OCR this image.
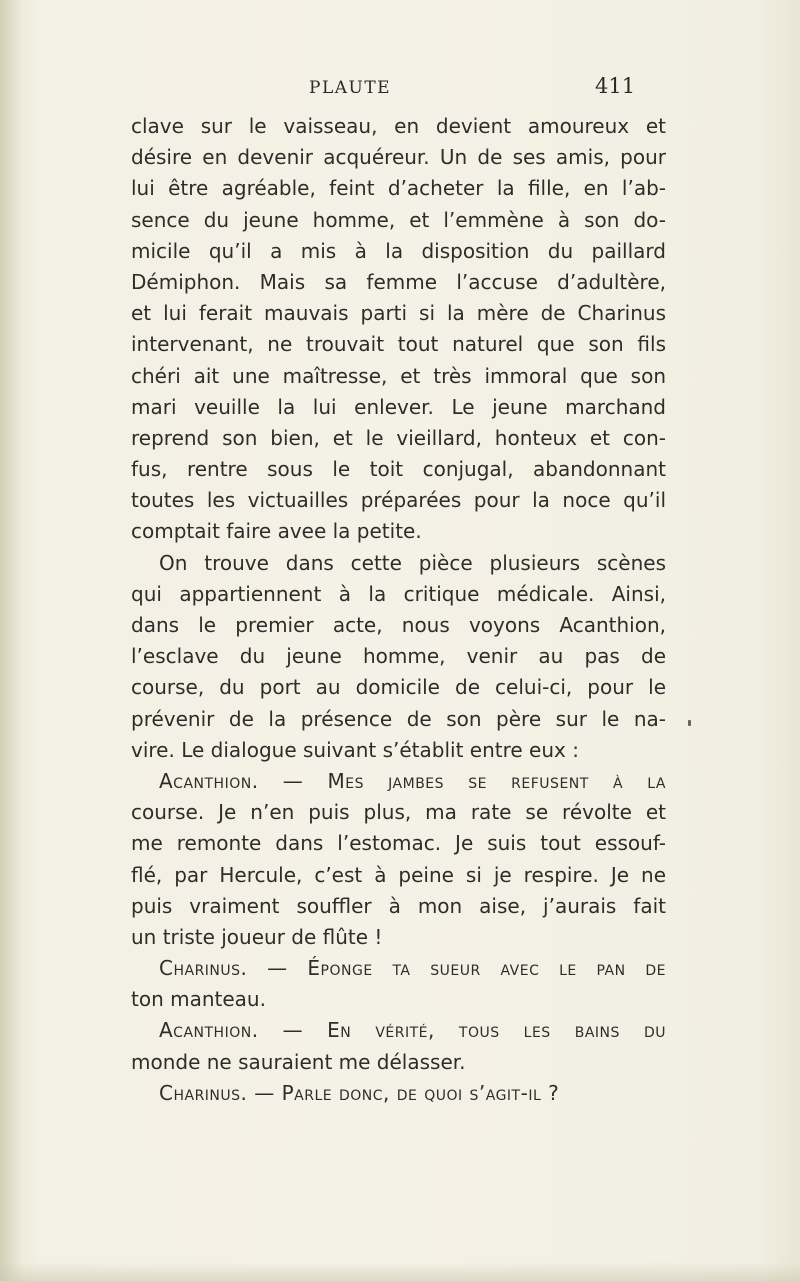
PLAUTE	411
clave sur le vaisseau, en devient amoureux et
désire en devenir acquéreur. Un de ses amis, pour
lui être agréable, feint d’acheter la fille, en l’ab-
sence du jeune homme, et l’emmène à son do-
micile qu’il a mis à la disposition du paillard
Démiphon. Mais sa femme l’accuse d’adultère,
et lui ferait mauvais parti si la mère de Charinus
intervenant, ne trouvait tout naturel que son fils
chéri ait une maîtresse, et très immoral que son
mari veuille la lui enlever. Le jeune marchand
reprend son bien, et le vieillard, honteux et con-
fus, rentre sous le toit conjugal, abandonnant
toutes les victuailles préparées pour la noce qu’il
comptait faire avee la petite.
On trouve dans cette pièce plusieurs scènes
qui appartiennent à la critique médicale. Ainsi,
dans le premier acte, nous voyons Acanthion,
l’esclave du jeune homme, venir au pas de
course, du port au domicile de celui-ci, pour le
prévenir de la présence de son père sur le na-
vire. Le dialogue suivant s’établit entre eux :
Acanthion. — Mes jambes se refusent à la
course. Je n’en puis plus, ma rate se révolte et
me remonte dans l’estomac. Je suis tout essouf-
flé, par Hercule, c’est à peine si je respire. Je ne
puis vraiment souffler à mon aise, j’aurais fait
un triste joueur de flûte !
Charinus. — Éponge ta sueur avec le pan de
ton manteau.
Acanthion. — En vérité, tous les bains du
monde ne sauraient me délasser.
Charinus. — Parle donc, de quoi s’agit-il ?
